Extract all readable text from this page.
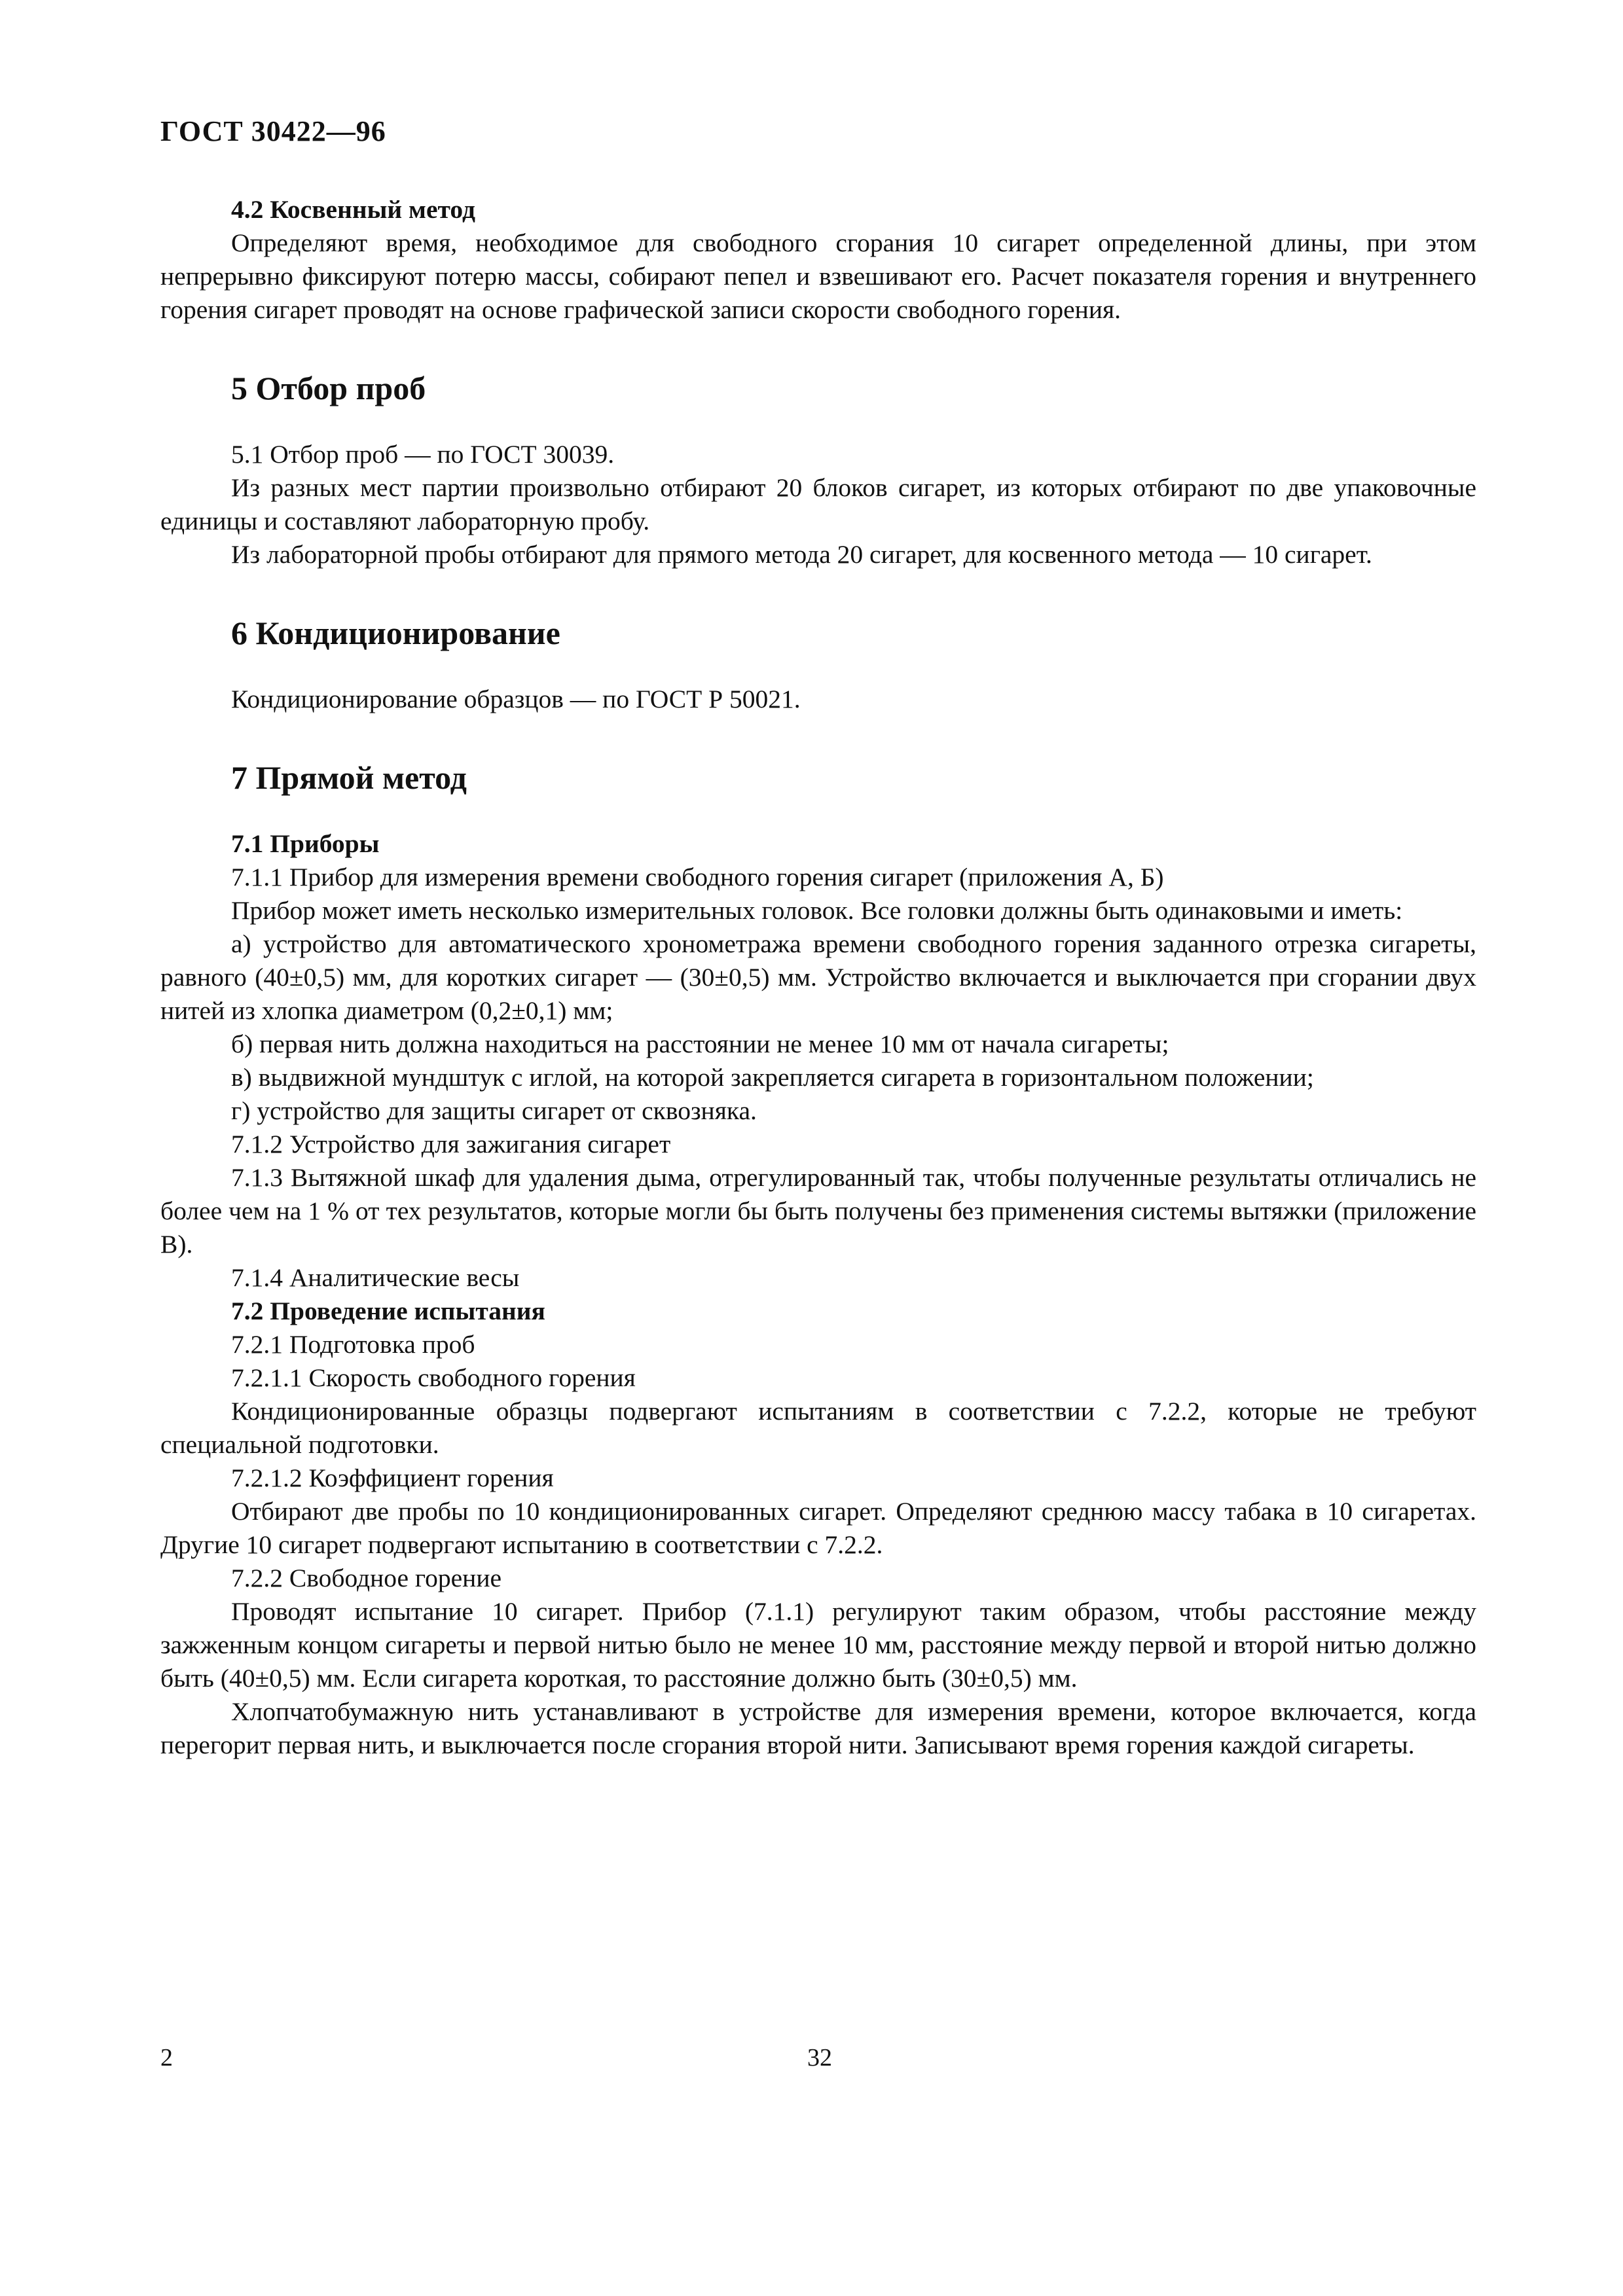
ГОСТ 30422—96

4.2 Косвенный метод

Определяют время, необходимое для свободного сгорания 10 сигарет определенной длины, при этом непрерывно фиксируют потерю массы, собирают пепел и взвешивают его. Расчет показателя горения и внутреннего горения сигарет проводят на основе графической записи скорости свободного горения.

5 Отбор проб

5.1 Отбор проб — по ГОСТ 30039.

Из разных мест партии произвольно отбирают 20 блоков сигарет, из которых отбирают по две упаковочные единицы и составляют лабораторную пробу.

Из лабораторной пробы отбирают для прямого метода 20 сигарет, для косвенного метода — 10 сигарет.

6 Кондиционирование

Кондиционирование образцов — по ГОСТ Р 50021.

7 Прямой метод

7.1 Приборы

7.1.1 Прибор для измерения времени свободного горения сигарет (приложения А, Б)

Прибор может иметь несколько измерительных головок. Все головки должны быть одинаковыми и иметь:

а) устройство для автоматического хронометража времени свободного горения заданного отрезка сигареты, равного (40±0,5) мм, для коротких сигарет — (30±0,5) мм. Устройство включается и выключается при сгорании двух нитей из хлопка диаметром (0,2±0,1) мм;

б) первая нить должна находиться на расстоянии не менее 10 мм от начала сигареты;

в) выдвижной мундштук с иглой, на которой закрепляется сигарета в горизонтальном положении;

г) устройство для защиты сигарет от сквозняка.

7.1.2 Устройство для зажигания сигарет

7.1.3 Вытяжной шкаф для удаления дыма, отрегулированный так, чтобы полученные результаты отличались не более чем на 1 % от тех результатов, которые могли бы быть получены без применения системы вытяжки (приложение В).

7.1.4 Аналитические весы

7.2 Проведение испытания

7.2.1 Подготовка проб

7.2.1.1 Скорость свободного горения

Кондиционированные образцы подвергают испытаниям в соответствии с 7.2.2, которые не требуют специальной подготовки.

7.2.1.2 Коэффициент горения

Отбирают две пробы по 10 кондиционированных сигарет. Определяют среднюю массу табака в 10 сигаретах. Другие 10 сигарет подвергают испытанию в соответствии с 7.2.2.

7.2.2 Свободное горение

Проводят испытание 10 сигарет. Прибор (7.1.1) регулируют таким образом, чтобы расстояние между зажженным концом сигареты и первой нитью было не менее 10 мм, расстояние между первой и второй нитью должно быть (40±0,5) мм. Если сигарета короткая, то расстояние должно быть (30±0,5) мм.

Хлопчатобумажную нить устанавливают в устройстве для измерения времени, которое включается, когда перегорит первая нить, и выключается после сгорания второй нити. Записывают время горения каждой сигареты.

2	32
